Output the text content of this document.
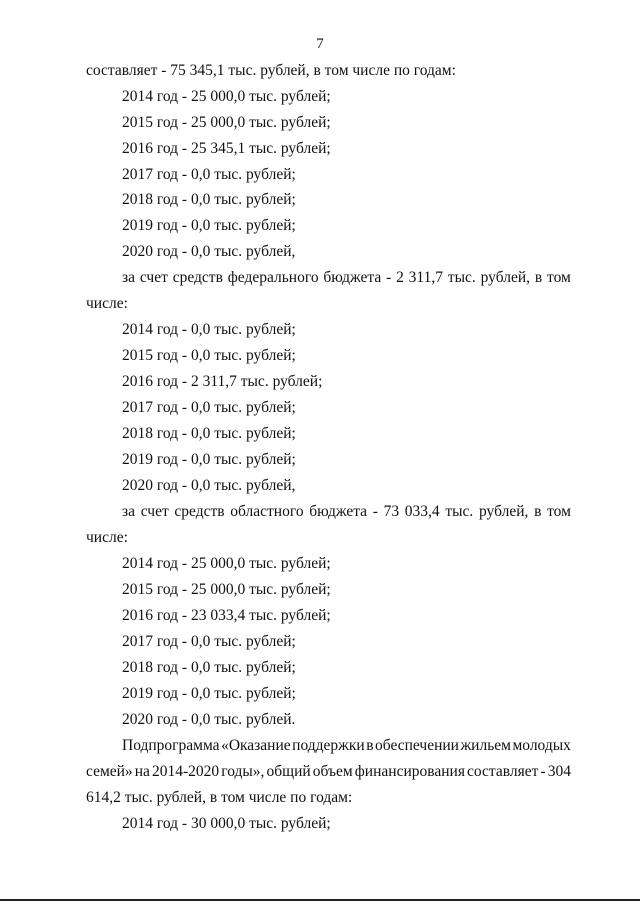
7
составляет - 75 345,1 тыс. рублей, в том числе по годам:
2014 год - 25 000,0 тыс. рублей;
2015 год - 25 000,0 тыс. рублей;
2016 год - 25 345,1 тыс. рублей;
2017 год - 0,0 тыс. рублей;
2018 год - 0,0 тыс. рублей;
2019 год - 0,0 тыс. рублей;
2020 год - 0,0 тыс. рублей,
за счет средств федерального бюджета - 2 311,7 тыс. рублей, в том
числе:
2014 год - 0,0 тыс. рублей;
2015 год - 0,0 тыс. рублей;
2016 год - 2 311,7 тыс. рублей;
2017 год - 0,0 тыс. рублей;
2018 год - 0,0 тыс. рублей;
2019 год - 0,0 тыс. рублей;
2020 год - 0,0 тыс. рублей,
за счет средств областного бюджета - 73 033,4 тыс. рублей, в том
числе:
2014 год - 25 000,0 тыс. рублей;
2015 год - 25 000,0 тыс. рублей;
2016 год - 23 033,4 тыс. рублей;
2017 год - 0,0 тыс. рублей;
2018 год - 0,0 тыс. рублей;
2019 год - 0,0 тыс. рублей;
2020 год - 0,0 тыс. рублей.
Подпрограмма «Оказание поддержки в обеспечении жильем молодых
семей» на 2014-2020 годы», общий объем финансирования составляет - 304
614,2 тыс. рублей, в том числе по годам:
2014 год - 30 000,0 тыс. рублей;
